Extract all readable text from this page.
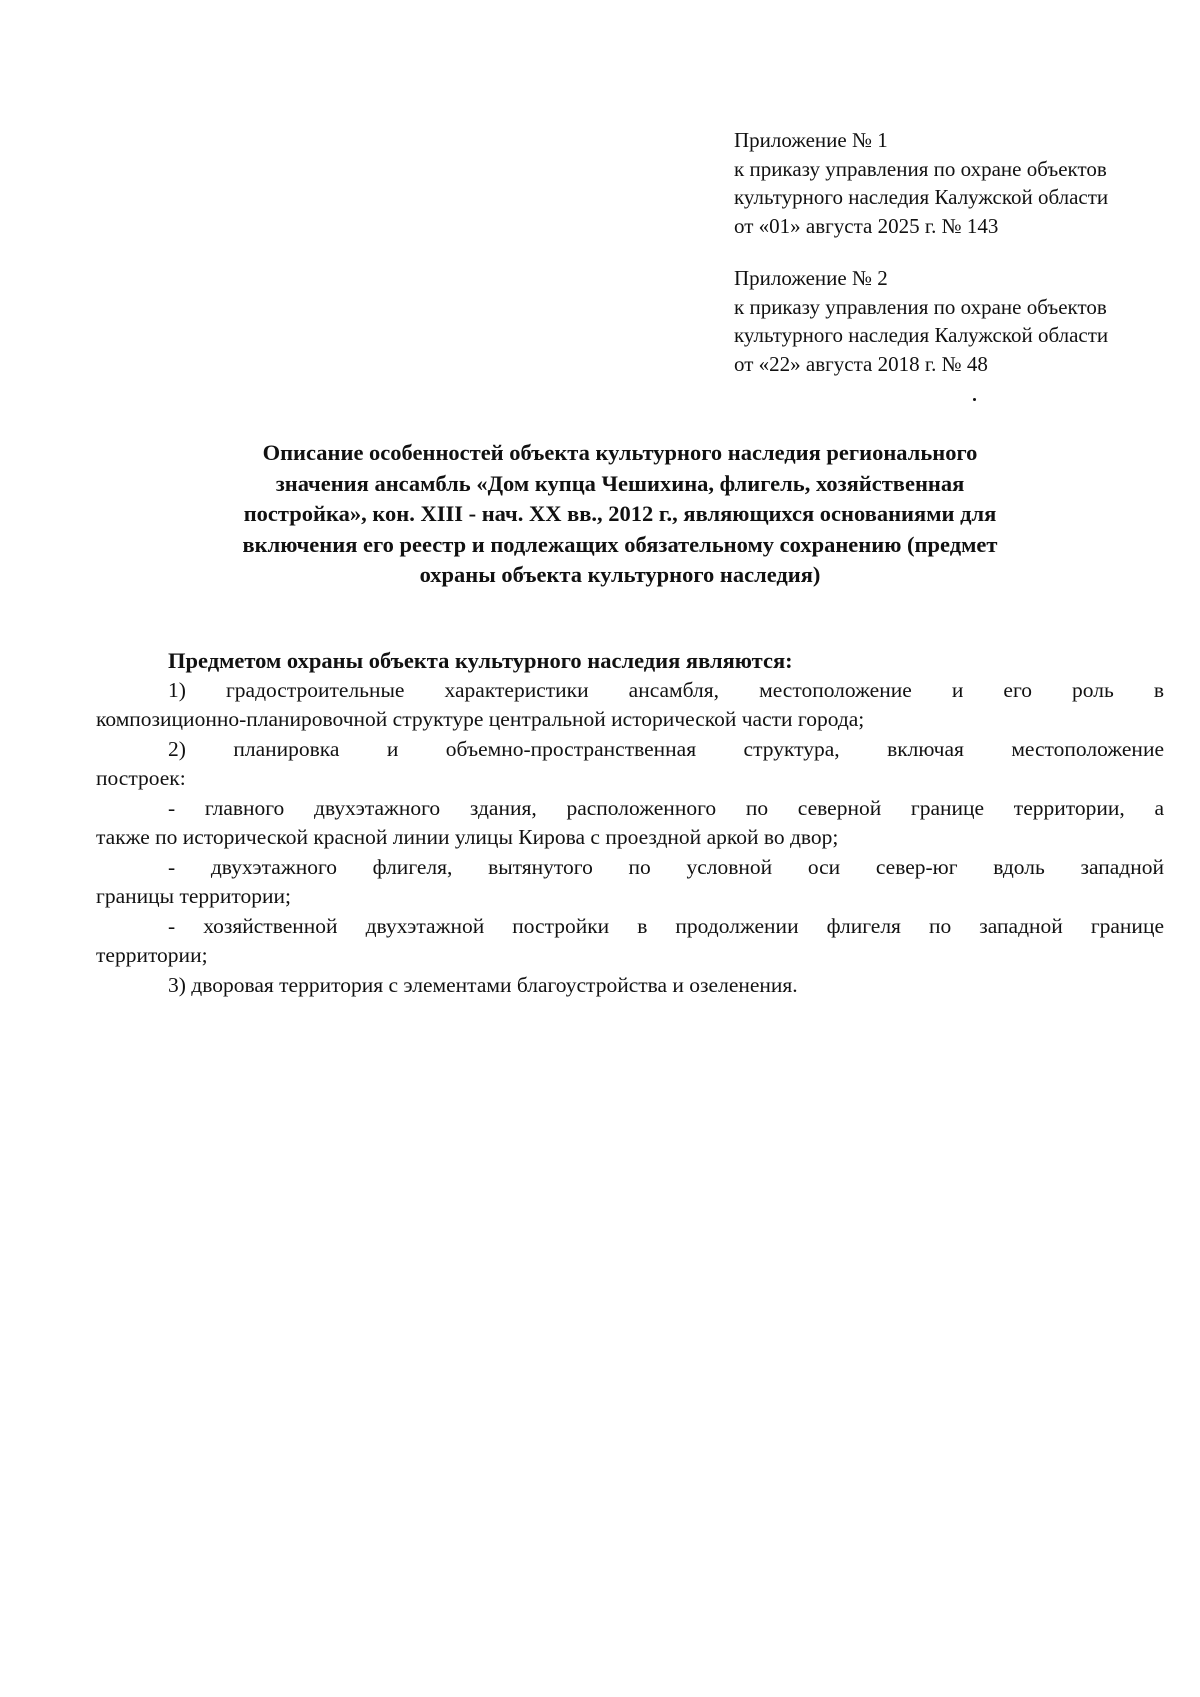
Приложение № 1
к приказу управления по охране объектов
культурного наследия Калужской области
от «01» августа 2025 г. № 143
Приложение № 2
к приказу управления по охране объектов
культурного наследия Калужской области
от «22» августа 2018 г. № 48
Описание особенностей объекта культурного наследия регионального
значения ансамбль «Дом купца Чешихина, флигель, хозяйственная
постройка», кон. XIII - нач. XX вв., 2012 г., являющихся основаниями для
включения его реестр и подлежащих обязательному сохранению (предмет
охраны объекта культурного наследия)
Предметом охраны объекта культурного наследия являются:
1) градостроительные характеристики ансамбля, местоположение и его роль в
композиционно-планировочной структуре центральной исторической части города;
2) планировка и объемно-пространственная структура, включая местоположение
построек:
- главного двухэтажного здания, расположенного по северной границе территории, а
также по исторической красной линии улицы Кирова с проездной аркой во двор;
- двухэтажного флигеля, вытянутого по условной оси север-юг вдоль западной
границы территории;
- хозяйственной двухэтажной постройки в продолжении флигеля по западной границе
территории;
3) дворовая территория с элементами благоустройства и озеленения.
